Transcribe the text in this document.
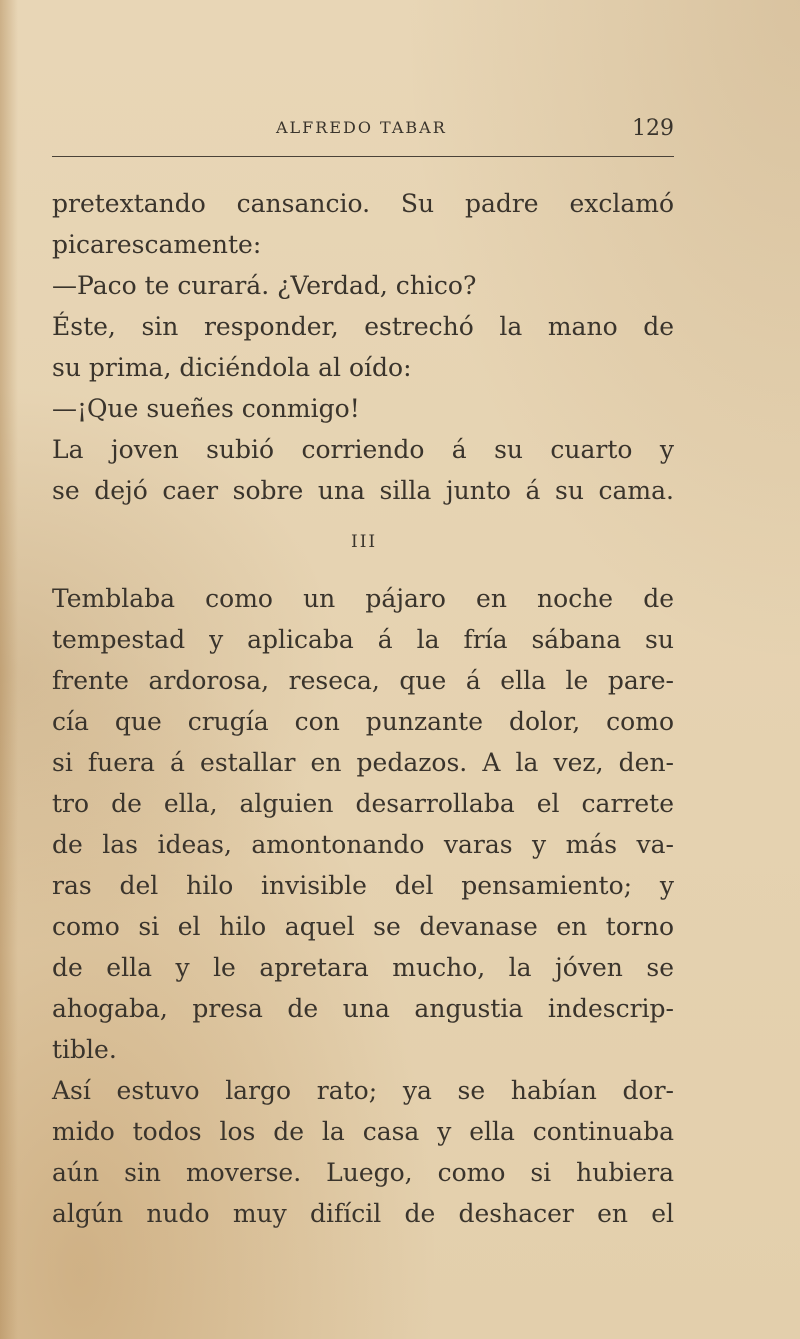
ALFREDO TABAR	129
pretextando cansancio. Su padre exclamó
picarescamente:
—Paco te curará. ¿Verdad, chico?
Éste, sin responder, estrechó la mano de
su prima, diciéndola al oído:
—¡Que sueñes conmigo!
La joven subió corriendo á su cuarto y
se dejó caer sobre una silla junto á su cama.
III
Temblaba como un pájaro en noche de
tempestad y aplicaba á la fría sábana su
frente ardorosa, reseca, que á ella le pare-
cía que crugía con punzante dolor, como
si fuera á estallar en pedazos. A la vez, den-
tro de ella, alguien desarrollaba el carrete
de las ideas, amontonando varas y más va-
ras del hilo invisible del pensamiento; y
como si el hilo aquel se devanase en torno
de ella y le apretara mucho, la jóven se
ahogaba, presa de una angustia indescrip-
tible.
Así estuvo largo rato; ya se habían dor-
mido todos los de la casa y ella continuaba
aún sin moverse. Luego, como si hubiera
algún nudo muy difícil de deshacer en el
